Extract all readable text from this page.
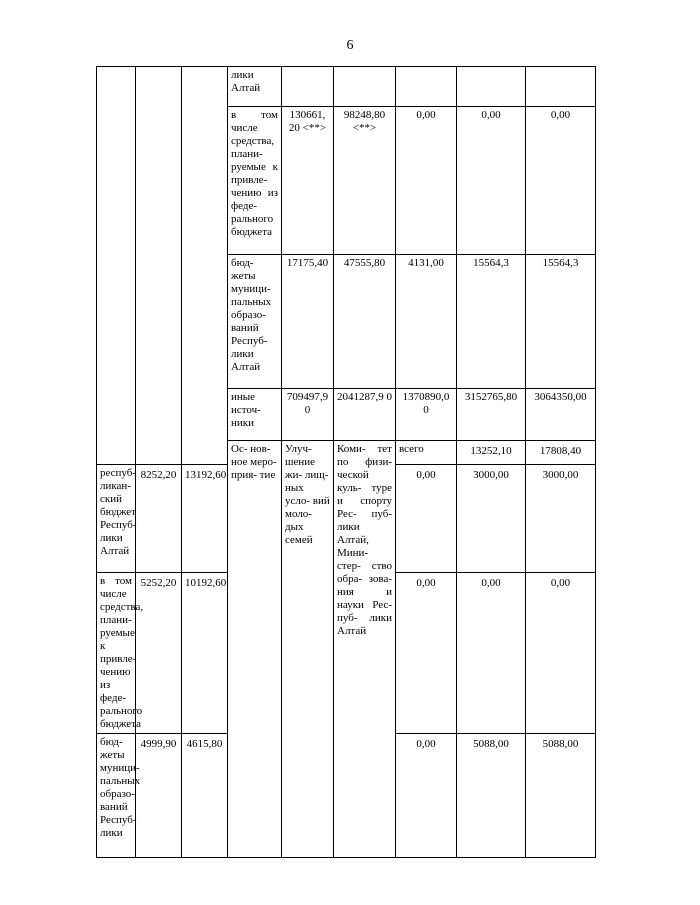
6
			лики Алтай						
			в том числе средства, плани- руемые к привле- чению из феде- рального бюджета	130661, 20 <**>	98248,80 <**>	0,00	0,00	0,00	
			бюд- жеты муници- пальных образо- ваний Респуб- лики Алтай	17175,40	47555,80	4131,00	15564,3	15564,3	
			иные источ- ники	709497,9 0	2041287,9 0	1370890,0 0	3152765,80	3064350,00	
			Ос- нов- ное меро- прия- тие	Улуч- шение жи- лищ- ных усло- вий моло- дых семей	Коми- тет по физи- ческой куль- туре и спорту Рес- пуб- лики Алтай, Мини- стер- ство обра- зова- ния и науки Рес- пуб- лики Алтай	всего	13252,10	17808,40			
респуб- ликан- ский бюджет Респуб- лики Алтай	8252,20	13192,60				0,00	3000,00	3000,00	
в том числе средства, плани- руемые к привле- чению из феде- рального бюджета	5252,20	10192,60				0,00	0,00	0,00	
бюд- жеты муници- пальных образо- ваний Респуб- лики	4999,90	4615,80				0,00	5088,00	5088,00	
